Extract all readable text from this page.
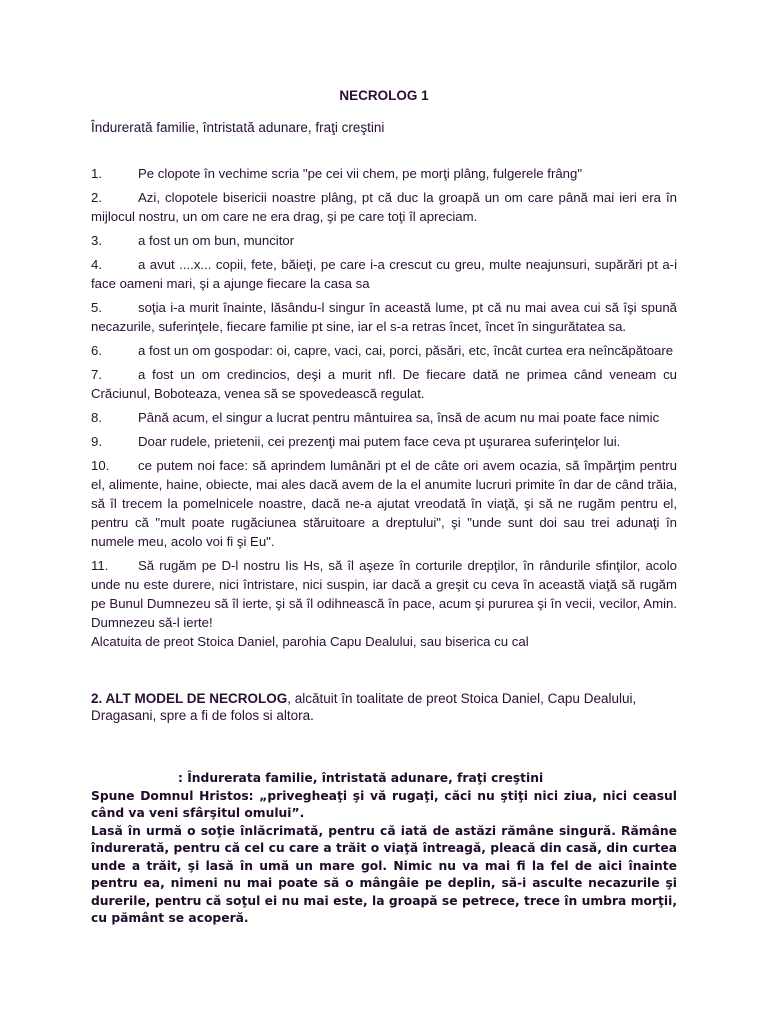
NECROLOG 1
Îndurerată familie, întristată adunare, fraţi creştini
1.	Pe clopote în vechime scria "pe cei vii chem, pe morţi plâng, fulgerele frâng"
2.	Azi, clopotele bisericii noastre plâng, pt că duc la groapă un om care până mai ieri era în mijlocul nostru, un om care ne era drag, şi pe care toţi îl apreciam.
3.	a fost un om bun, muncitor
4.	a avut ....x... copii, fete, băieţi, pe care i-a crescut cu greu, multe neajunsuri, supărări pt a-i face oameni mari, şi a ajunge fiecare la casa sa
5.	soţia i-a murit înainte, lăsându-l singur în această lume, pt că nu mai avea cui să îşi spună necazurile, suferinţele, fiecare familie pt sine, iar el s-a retras încet, încet în singurătatea sa.
6.	a fost un om gospodar: oi, capre, vaci, cai, porci, păsări, etc, încât curtea era neîncăpătoare
7.	a fost un om credincios, deşi a murit nfl. De fiecare dată ne primea când veneam cu Crăciunul, Boboteaza, venea să se spovedească regulat.
8.	Până acum, el singur a lucrat pentru mântuirea sa, însă de acum nu mai poate face nimic
9.	Doar rudele, prietenii, cei prezenţi mai putem face ceva pt uşurarea suferinţelor lui.
10. ce putem noi face: să aprindem lumânări pt el de câte ori avem ocazia, să împărţim pentru el, alimente, haine, obiecte, mai ales dacă avem de la el anumite lucruri primite în dar de când trăia, să îl trecem la pomelnicele noastre, dacă ne-a ajutat vreodată în viaţă, şi să ne rugăm pentru el, pentru că "mult poate rugăciunea stăruitoare a dreptului", şi "unde sunt doi sau trei adunaţi în numele meu, acolo voi fi şi Eu".
11. Să rugăm pe D-l nostru Iis Hs, să îl aşeze în corturile drepţilor, în rândurile sfinţilor, acolo unde nu este durere, nici întristare, nici suspin, iar dacă a greşit cu ceva în această viaţă să rugăm pe Bunul Dumnezeu să îl ierte, şi să îl odihnească în pace, acum şi pururea şi în vecii, vecilor, Amin. Dumnezeu să-l ierte!
Alcatuita de preot Stoica Daniel, parohia Capu Dealului, sau biserica cu cal
2. ALT MODEL DE NECROLOG, alcătuit în toalitate de preot Stoica Daniel, Capu Dealului, Dragasani, spre a fi de folos si altora.
: Îndurerata familie, întristată adunare, fraţi creştini
Spune Domnul Hristos: „privegheaţi şi vă rugaţi, căci nu ştiţi nici ziua, nici ceasul când va veni sfârşitul omului”.
Lasă în urmă o soţie înlăcrimată, pentru că iată de astăzi rămâne singură. Rămâne îndurerată, pentru că cel cu care a trăit o viaţă întreagă, pleacă din casă, din curtea unde a trăit, şi lasă în umă un mare gol. Nimic nu va mai fi la fel de aici înainte pentru ea, nimeni nu mai poate să o mângâie pe deplin, să-i asculte necazurile şi durerile, pentru că soţul ei nu mai este, la groapă se petrece, trece în umbra morţii, cu pământ se acoperă.
